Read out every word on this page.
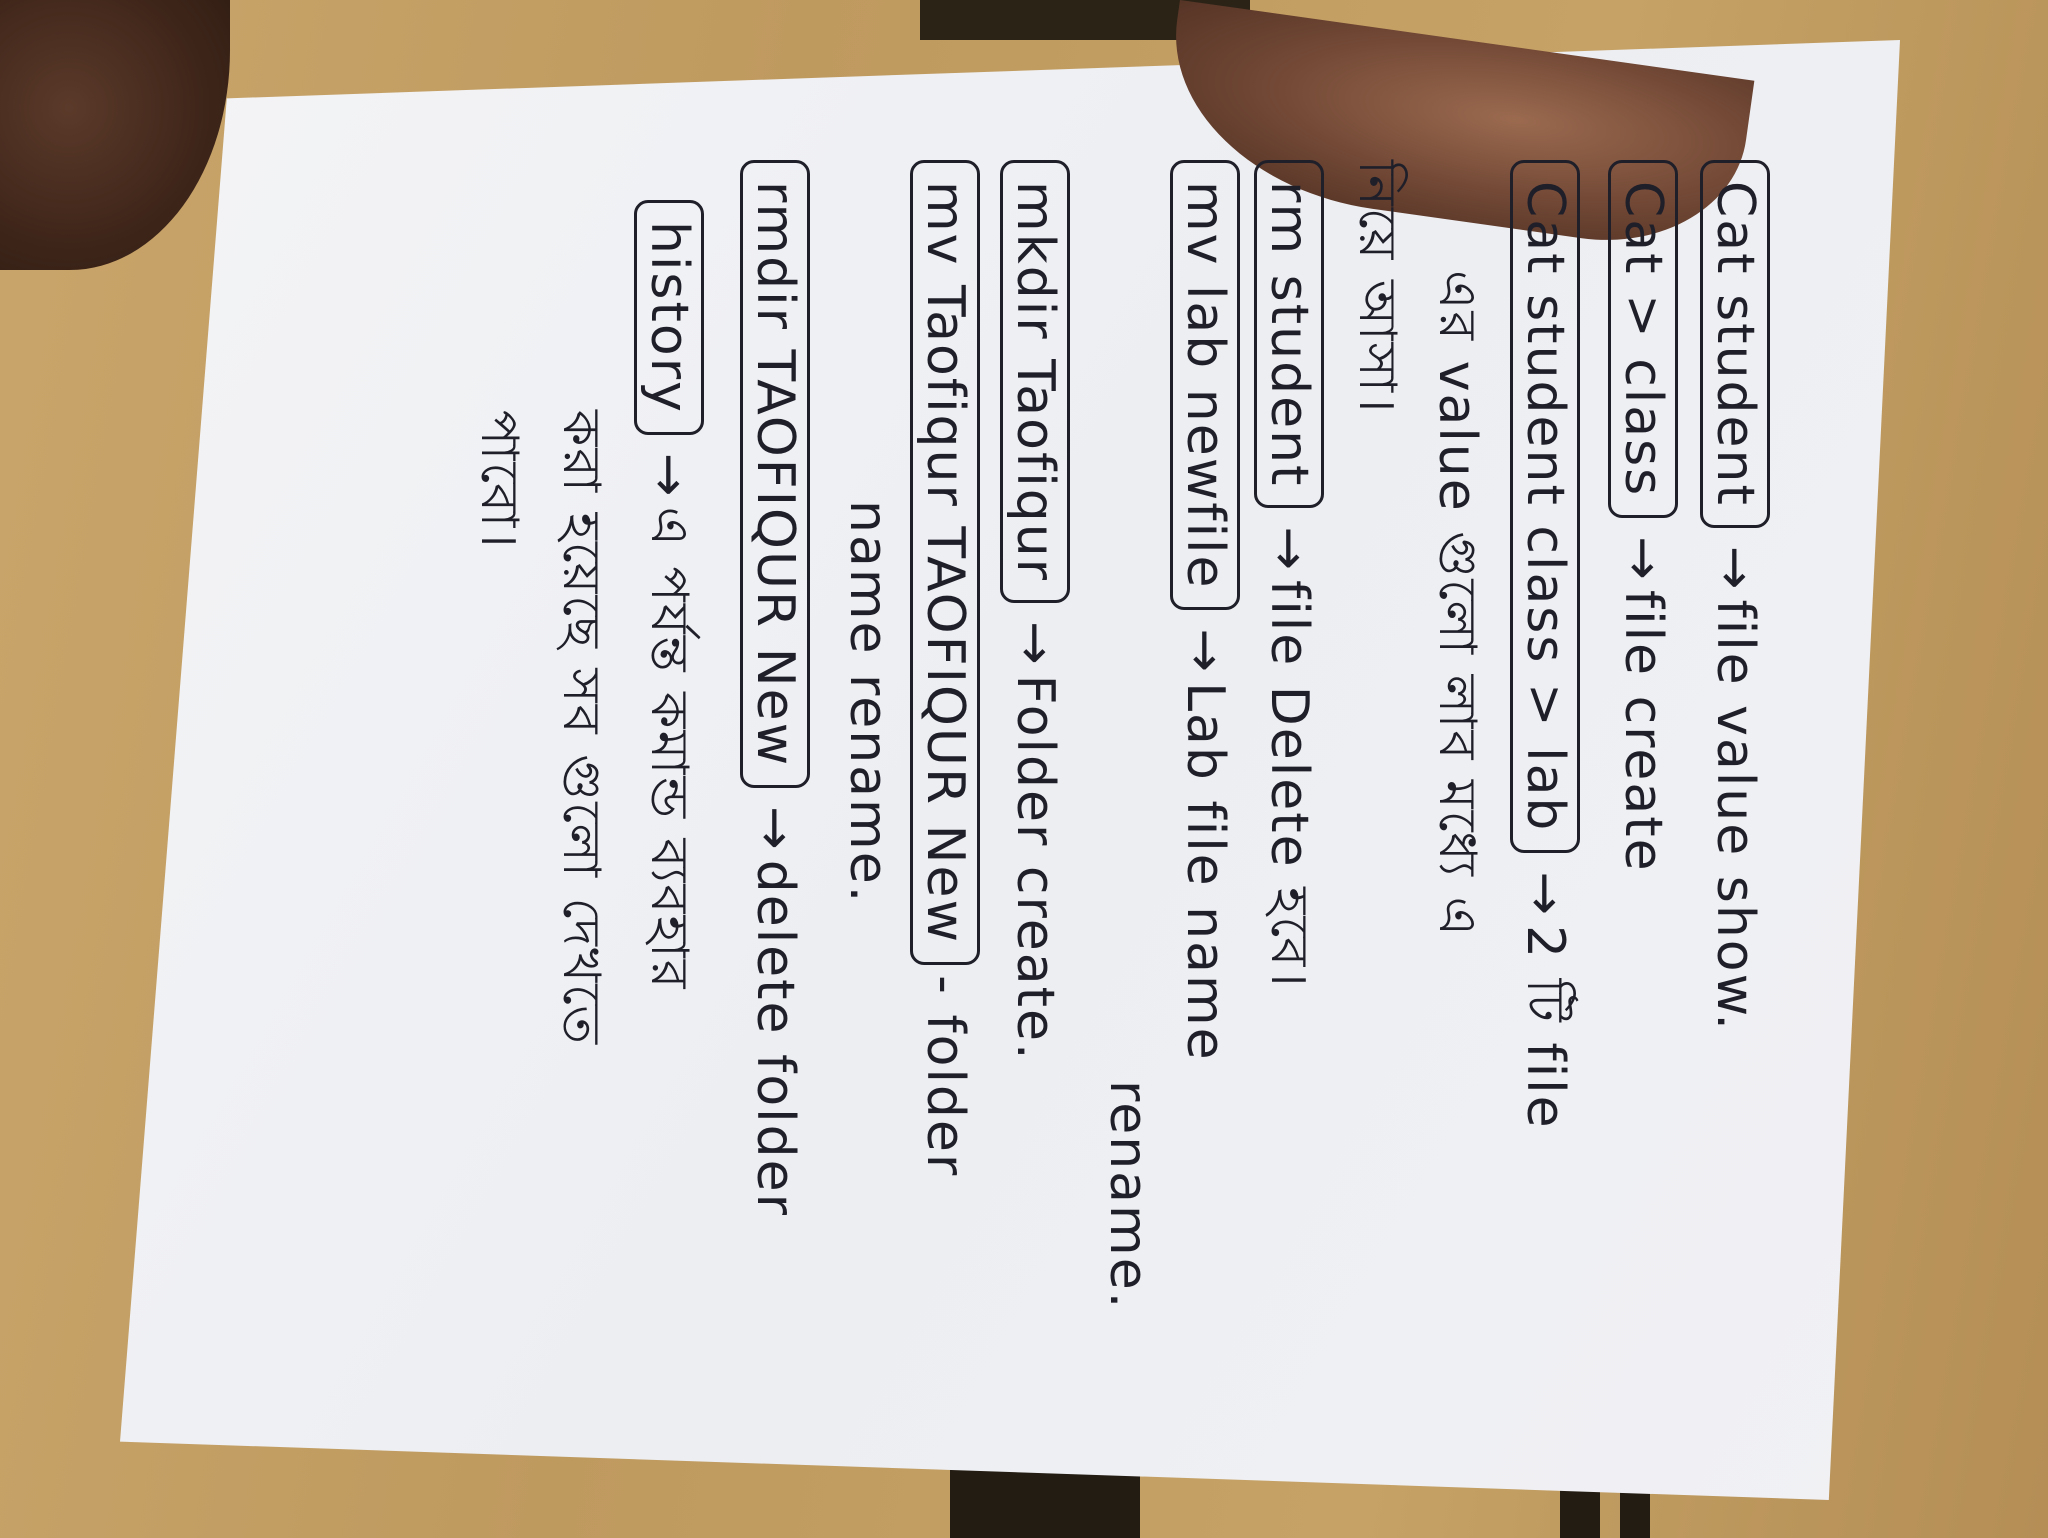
Cat student→file value show.
Cat > class→file create
Cat student class > lab→2 টি file
এর value গুলো লাব মধ্যে এ
নিয়ে আসা।
rm student→file Delete হবে।
mv lab newfile→Lab file name
rename.
mkdir Taofiqur→Folder create.
mv Taofiqur TAOFIQUR New- folder
name rename.
rmdir TAOFIQUR New→delete folder
history→এ পর্যন্ত কমান্ড ব্যবহার
করা হয়েছে সব গুলো দেখতে
পাবো।
